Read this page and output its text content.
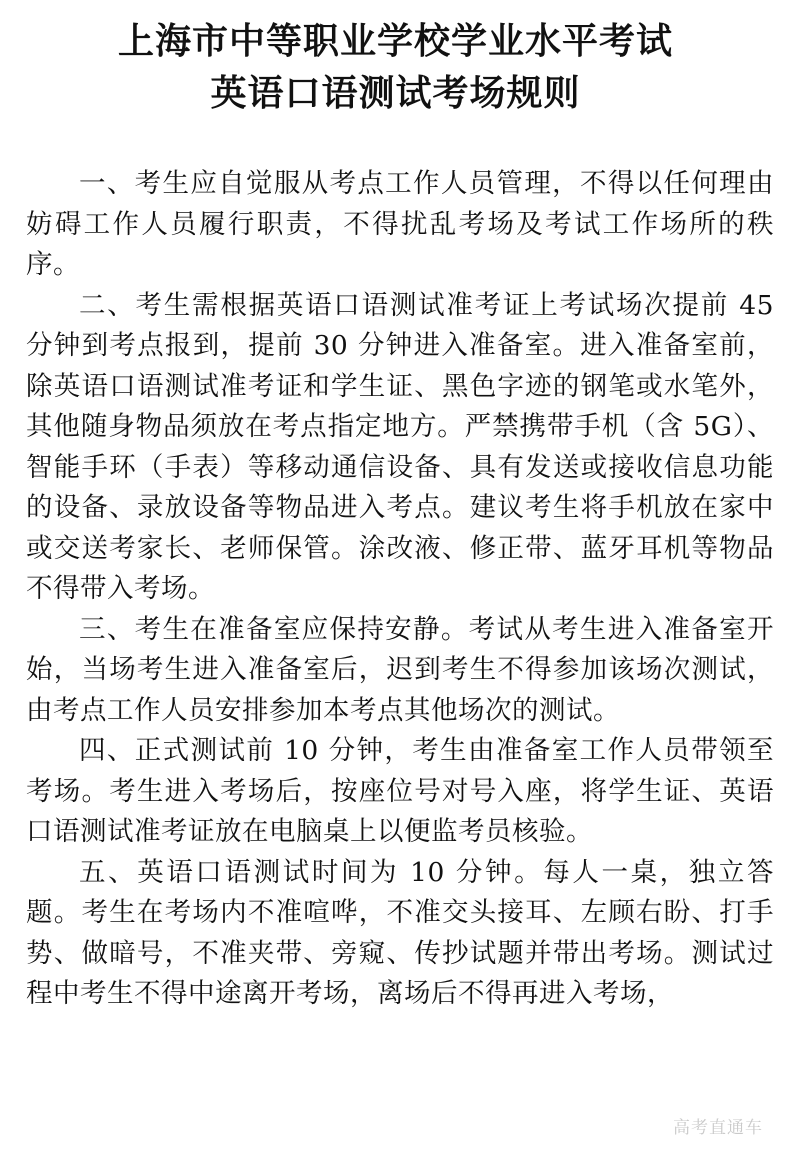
上海市中等职业学校学业水平考试
英语口语测试考场规则

一、考生应自觉服从考点工作人员管理，不得以任何理由妨碍工作人员履行职责，不得扰乱考场及考试工作场所的秩序。

二、考生需根据英语口语测试准考证上考试场次提前 45 分钟到考点报到，提前 30 分钟进入准备室。进入准备室前，除英语口语测试准考证和学生证、黑色字迹的钢笔或水笔外，其他随身物品须放在考点指定地方。严禁携带手机（含 5G）、智能手环（手表）等移动通信设备、具有发送或接收信息功能的设备、录放设备等物品进入考点。建议考生将手机放在家中或交送考家长、老师保管。涂改液、修正带、蓝牙耳机等物品不得带入考场。

三、考生在准备室应保持安静。考试从考生进入准备室开始，当场考生进入准备室后，迟到考生不得参加该场次测试，由考点工作人员安排参加本考点其他场次的测试。

四、正式测试前 10 分钟，考生由准备室工作人员带领至考场。考生进入考场后，按座位号对号入座，将学生证、英语口语测试准考证放在电脑桌上以便监考员核验。

五、英语口语测试时间为 10 分钟。每人一桌，独立答题。考生在考场内不准喧哗，不准交头接耳、左顾右盼、打手势、做暗号，不准夹带、旁窥、传抄试题并带出考场。测试过程中考生不得中途离开考场，离场后不得再进入考场，

高考直通车
